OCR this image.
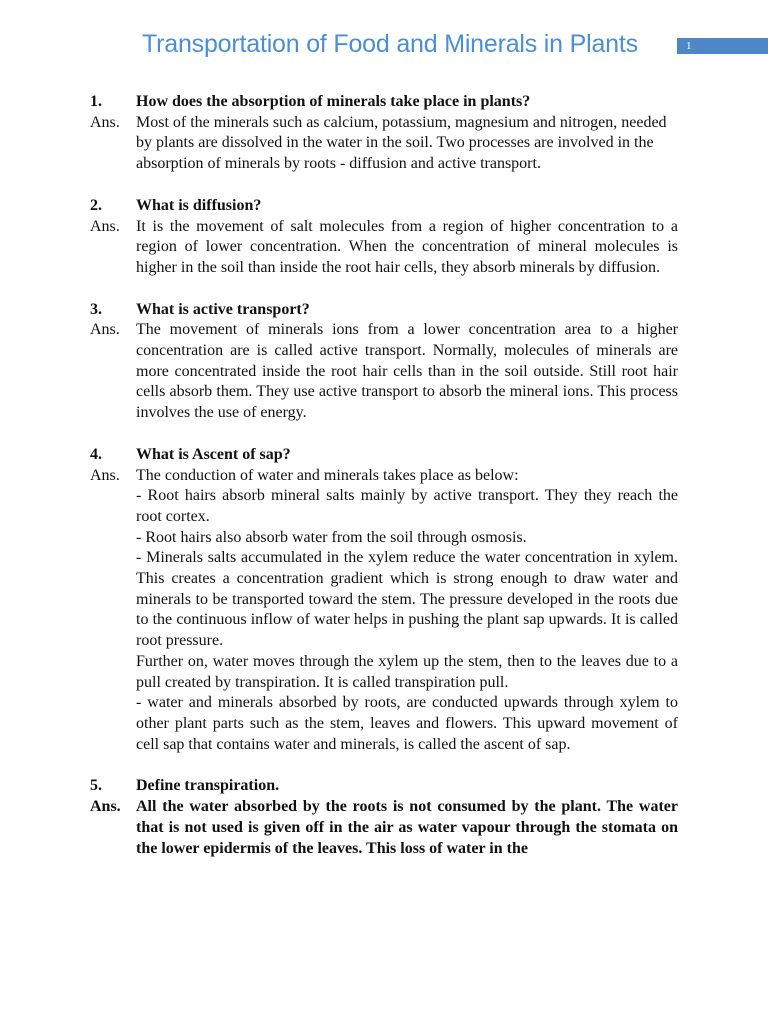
Transportation of Food and Minerals in Plants	1
1.	How does the absorption of minerals take place in plants?
Ans.	Most of the minerals such as calcium, potassium, magnesium and nitrogen, needed by plants are dissolved in the water in the soil. Two processes are involved in the absorption of minerals by roots - diffusion and active transport.
2.	What is diffusion?
Ans.	It is the movement of salt molecules from a region of higher concentration to a region of lower concentration. When the concentration of mineral molecules is higher in the soil than inside the root hair cells, they absorb minerals by diffusion.
3.	What is active transport?
Ans.	The movement of minerals ions from a lower concentration area to a higher concentration are is called active transport. Normally, molecules of minerals are more concentrated inside the root hair cells than in the soil outside. Still root hair cells absorb them. They use active transport to absorb the mineral ions. This process involves the use of energy.
4.	What is Ascent of sap?
Ans.	The conduction of water and minerals takes place as below:

- Root hairs absorb mineral salts mainly by active transport. They they reach the root cortex.

- Root hairs also absorb water from the soil through osmosis.

- Minerals salts accumulated in the xylem reduce the water concentration in xylem. This creates a concentration gradient which is strong enough to draw water and minerals to be transported toward the stem. The pressure developed in the roots due to the continuous inflow of water helps in pushing the plant sap upwards. It is called root pressure.

Further on, water moves through the xylem up the stem, then to the leaves due to a pull created by transpiration. It is called transpiration pull.

- water and minerals absorbed by roots, are conducted upwards through xylem to other plant parts such as the stem, leaves and flowers. This upward movement of cell sap that contains water and minerals, is called the ascent of sap.

5.	Define transpiration.
Ans. All the water absorbed by the roots is not consumed by the plant. The water that is not used is given off in the air as water vapour through the stomata on the lower epidermis of the leaves. This loss of water in the
